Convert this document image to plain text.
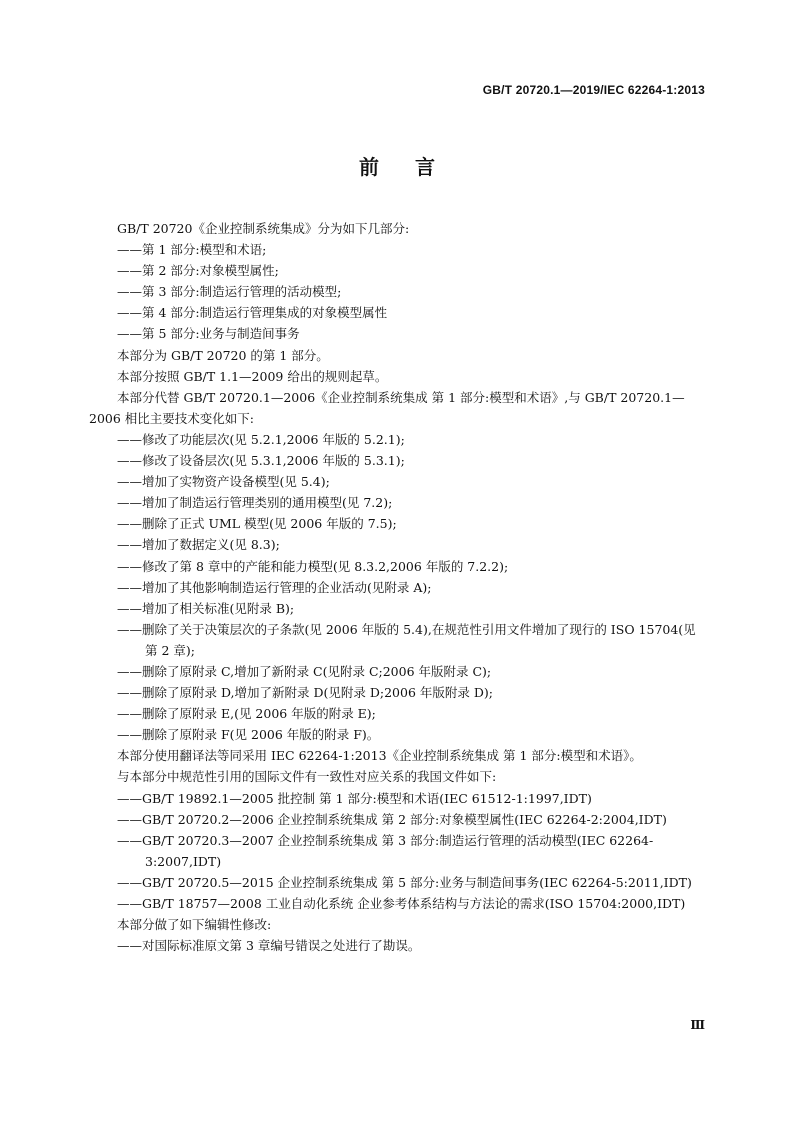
GB/T 20720.1—2019/IEC 62264-1:2013
前言

GB/T 20720《企业控制系统集成》分为如下几部分:

——第 1 部分:模型和术语;

——第 2 部分:对象模型属性;

——第 3 部分:制造运行管理的活动模型;

——第 4 部分:制造运行管理集成的对象模型属性

——第 5 部分:业务与制造间事务

本部分为 GB/T 20720 的第 1 部分。

本部分按照 GB/T 1.1—2009 给出的规则起草。

本部分代替 GB/T 20720.1—2006《企业控制系统集成 第 1 部分:模型和术语》,与 GB/T 20720.1—2006 相比主要技术变化如下:

——修改了功能层次(见 5.2.1,2006 年版的 5.2.1);

——修改了设备层次(见 5.3.1,2006 年版的 5.3.1);

——增加了实物资产设备模型(见 5.4);

——增加了制造运行管理类别的通用模型(见 7.2);

——删除了正式 UML 模型(见 2006 年版的 7.5);

——增加了数据定义(见 8.3);

——修改了第 8 章中的产能和能力模型(见 8.3.2,2006 年版的 7.2.2);

——增加了其他影响制造运行管理的企业活动(见附录 A);

——增加了相关标准(见附录 B);

——删除了关于决策层次的子条款(见 2006 年版的 5.4),在规范性引用文件增加了现行的 ISO 15704(见第 2 章);

——删除了原附录 C,增加了新附录 C(见附录 C;2006 年版附录 C);

——删除了原附录 D,增加了新附录 D(见附录 D;2006 年版附录 D);

——删除了原附录 E,(见 2006 年版的附录 E);

——删除了原附录 F(见 2006 年版的附录 F)。

本部分使用翻译法等同采用 IEC 62264-1:2013《企业控制系统集成 第 1 部分:模型和术语》。

与本部分中规范性引用的国际文件有一致性对应关系的我国文件如下:

——GB/T 19892.1—2005 批控制 第 1 部分:模型和术语(IEC 61512-1:1997,IDT)

——GB/T 20720.2—2006 企业控制系统集成 第 2 部分:对象模型属性(IEC 62264-2:2004,IDT)

——GB/T 20720.3—2007 企业控制系统集成 第 3 部分:制造运行管理的活动模型(IEC 62264-3:2007,IDT)

——GB/T 20720.5—2015 企业控制系统集成 第 5 部分:业务与制造间事务(IEC 62264-5:2011,IDT)

——GB/T 18757—2008 工业自动化系统 企业参考体系结构与方法论的需求(ISO 15704:2000,IDT)

本部分做了如下编辑性修改:

——对国际标准原文第 3 章编号错误之处进行了勘误。

Ⅲ
